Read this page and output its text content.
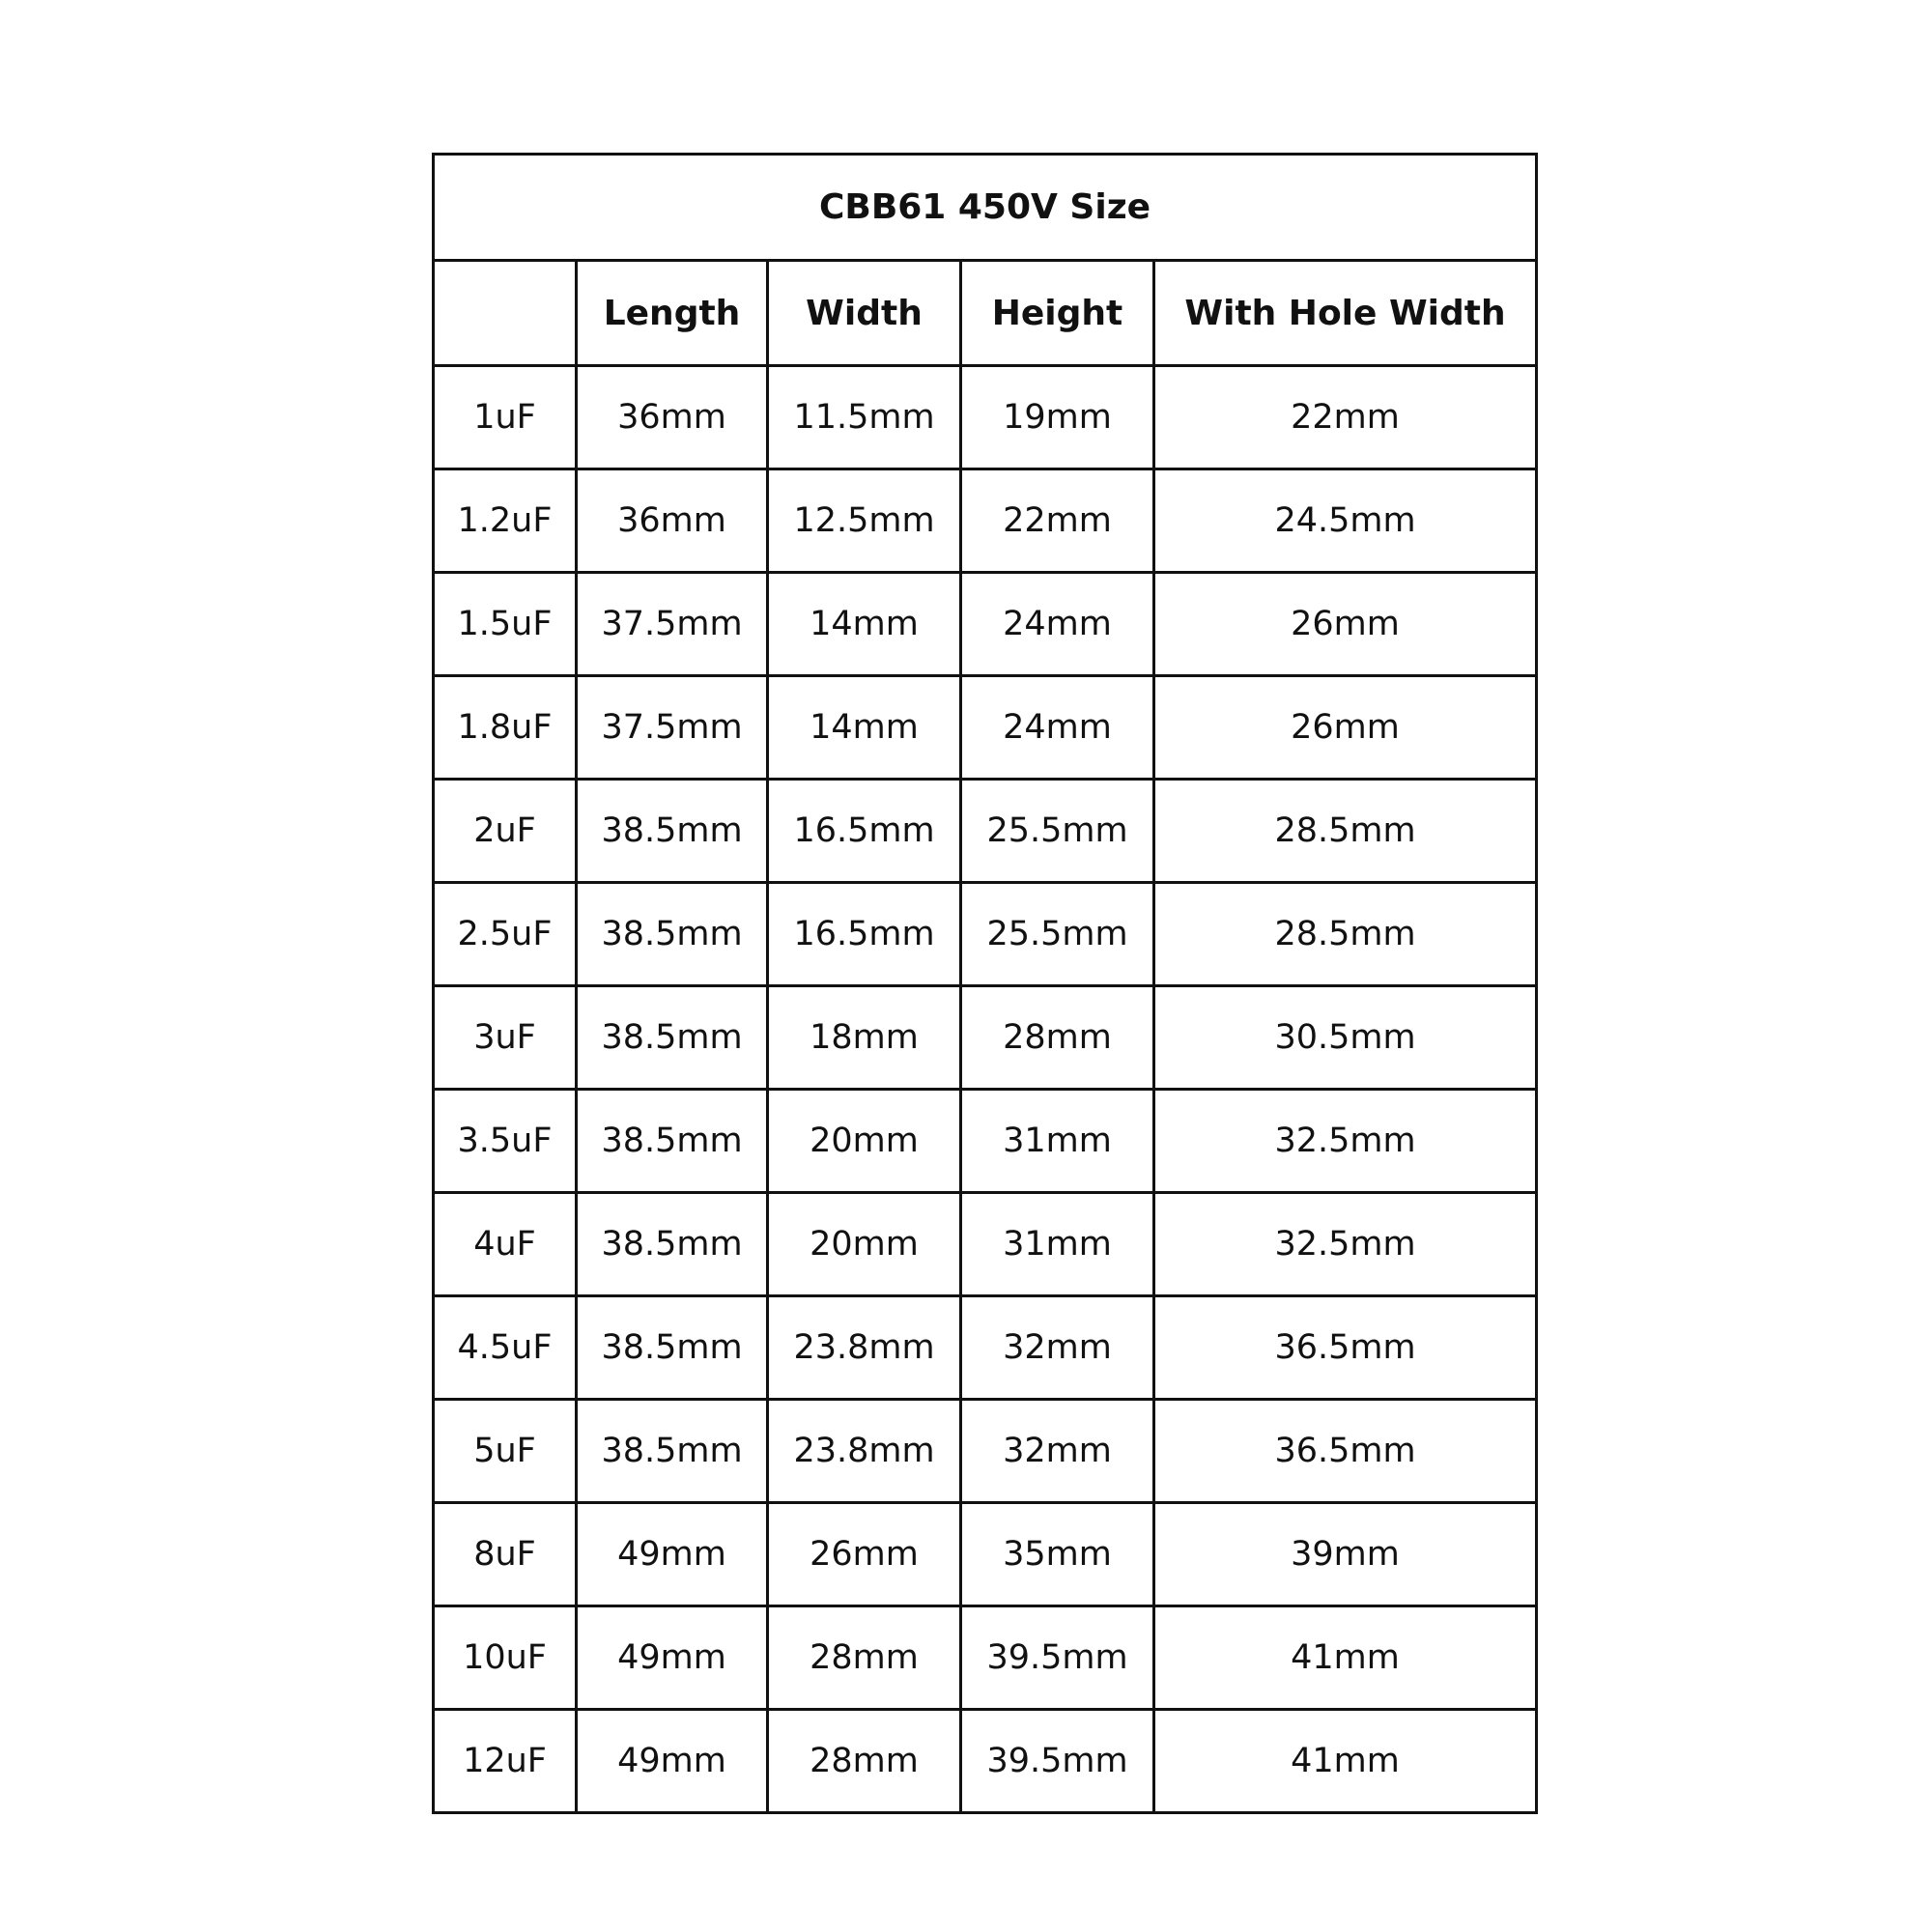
CBB61 450V Size				
	Length	Width	Height	With Hole Width
1uF	36mm	11.5mm	19mm	22mm
1.2uF	36mm	12.5mm	22mm	24.5mm
1.5uF	37.5mm	14mm	24mm	26mm
1.8uF	37.5mm	14mm	24mm	26mm
2uF	38.5mm	16.5mm	25.5mm	28.5mm
2.5uF	38.5mm	16.5mm	25.5mm	28.5mm
3uF	38.5mm	18mm	28mm	30.5mm
3.5uF	38.5mm	20mm	31mm	32.5mm
4uF	38.5mm	20mm	31mm	32.5mm
4.5uF	38.5mm	23.8mm	32mm	36.5mm
5uF	38.5mm	23.8mm	32mm	36.5mm
8uF	49mm	26mm	35mm	39mm
10uF	49mm	28mm	39.5mm	41mm
12uF	49mm	28mm	39.5mm	41mm
